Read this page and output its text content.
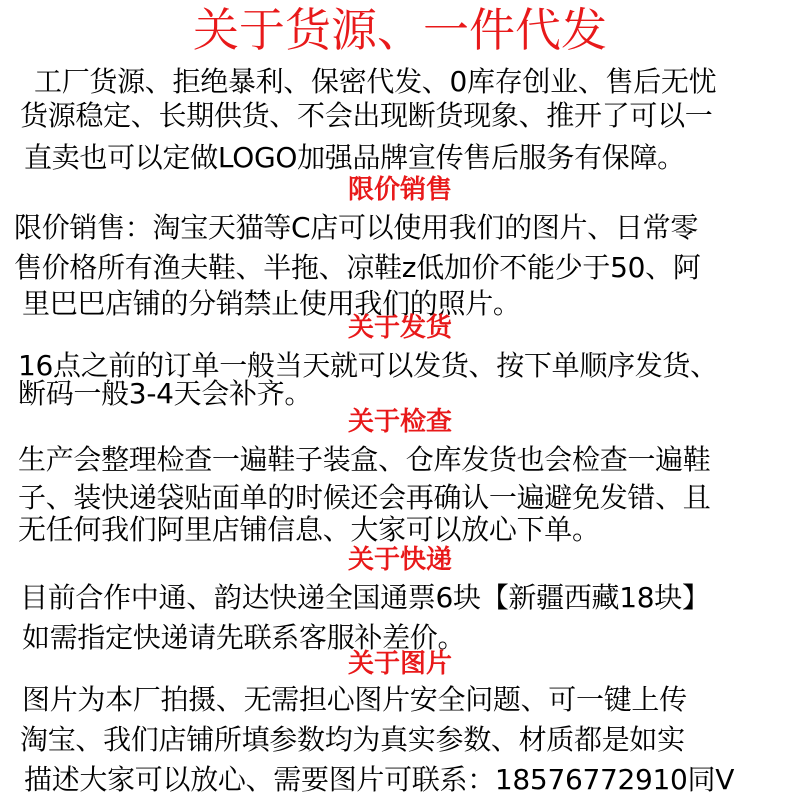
关于货源、一件代发
工厂货源、拒绝暴利、保密代发、0库存创业、售后无忧
货源稳定、长期供货、不会出现断货现象、推开了可以一
直卖也可以定做LOGO加强品牌宣传售后服务有保障。
限价销售
限价销售：淘宝天猫等C店可以使用我们的图片、日常零
售价格所有渔夫鞋、半拖、凉鞋z低加价不能少于50、阿
里巴巴店铺的分销禁止使用我们的照片。
关于发货
16点之前的订单一般当天就可以发货、按下单顺序发货、
断码一般3-4天会补齐。
关于检查
生产会整理检查一遍鞋子装盒、仓库发货也会检查一遍鞋
子、装快递袋贴面单的时候还会再确认一遍避免发错、且
无任何我们阿里店铺信息、大家可以放心下单。
关于快递
目前合作中通、韵达快递全国通票6块【新疆西藏18块】
如需指定快递请先联系客服补差价。
关于图片
图片为本厂拍摄、无需担心图片安全问题、可一键上传
淘宝、我们店铺所填参数均为真实参数、材质都是如实
描述大家可以放心、需要图片可联系：18576772910同V
